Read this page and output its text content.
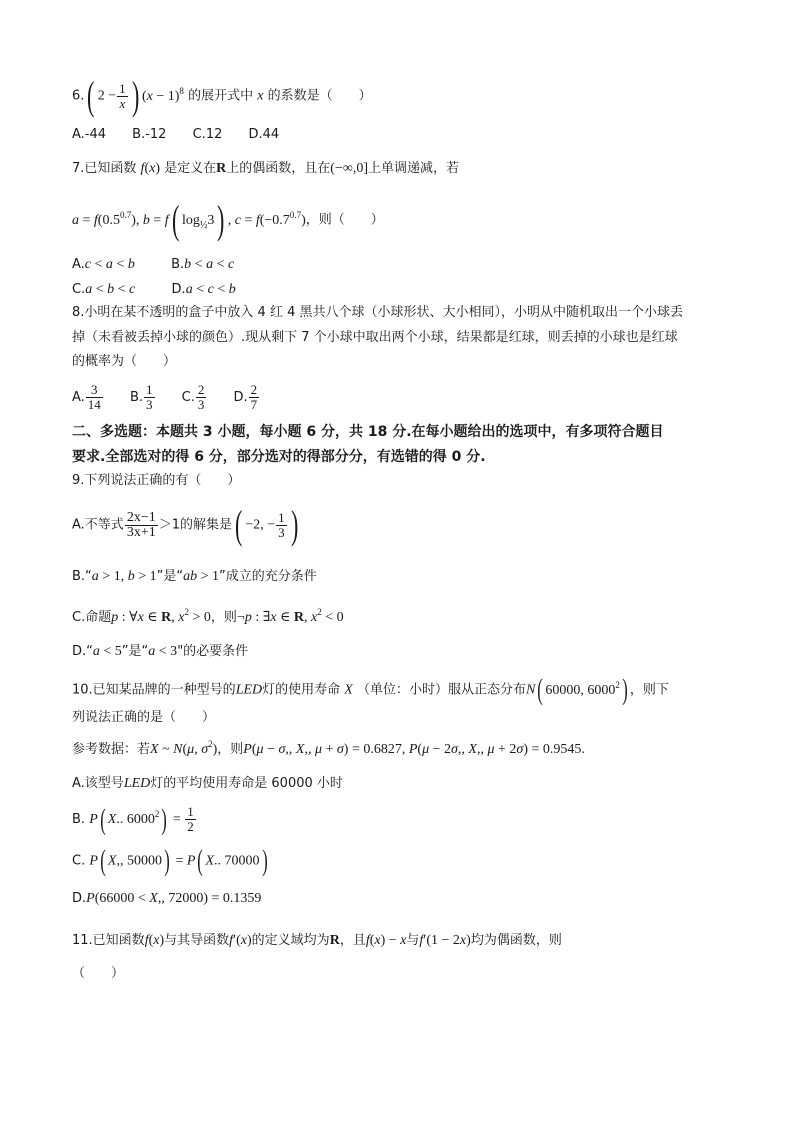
6.( $2 - \frac{1}{x}$ ) $(x - 1)^8$ 的展开式中 x 的系数是（　　）
A.-44 B.-12 C.12 D.44
7.已知函数 f(x) 是定义在R上的偶函数，且在(−∞,0]上单调递减，若
$a = f(0.5^{0.7})$, b = f( $\log_{\frac{1}{2}}3$) , $c = f(-0.7^{0.7})$，则（　　）
A.c < a < b	B.b < a < c
C.a < b < c	D.a < c < b
8.小明在某不透明的盒子中放入 4 红 4 黑共八个球（小球形状、大小相同），小明从中随机取出一个小球丢
掉（未看被丢掉小球的颜色）.现从剩下 7 个小球中取出两个小球，结果都是红球，则丢掉的小球也是红球
的概率为（　　）
A. $\frac{3}{14} B$. $\frac{1}{3} C$. $\frac{2}{3} D$. $\frac{2}{7}$
二、多选题：本题共 3 小题，每小题 6 分，共 18 分.在每小题给出的选项中，有多项符合题目
要求.全部选对的得 6 分，部分选对的得部分分，有选错的得 0 分.
9.下列说法正确的有（　　）
A.不等式 $\frac{2x-1}{3x+1} >1$的解集是( −2, − $\frac{1}{3}$ )
B.“a > 1, b > 1”是“ab > 1”成立的充分条件
C.命题p : ∀x ∈ R, $x^2 > 0$，则¬p : ∃x ∈ R, $x^2 < 0$
D.“a < 5”是“a < 3"的必要条件
10.已知某品牌的一种型号的LED灯的使用寿命 X （单位：小时）服从正态分布N( 60000, 6000$^2$) ，则下
列说法正确的是（　　）
参考数据：若X ~ N(μ, $\sigma^2$)，则P(μ − σ,, X,, μ + σ) = 0.6827, P(μ − 2σ,, X,, μ + 2σ) = 0.9545.
A.该型号LED灯的平均使用寿命是 60000 小时
B. P( X.. $6000^2) = \frac{1}{2}$
C. P( X,, 50000) = P( X.. 70000)
D.P(66000 < X,, 72000) = 0.1359
11.已知函数f(x)与其导函数f′(x)的定义域均为R，且f(x) − x与f′(1 − 2x)均为偶函数，则
（　　）
